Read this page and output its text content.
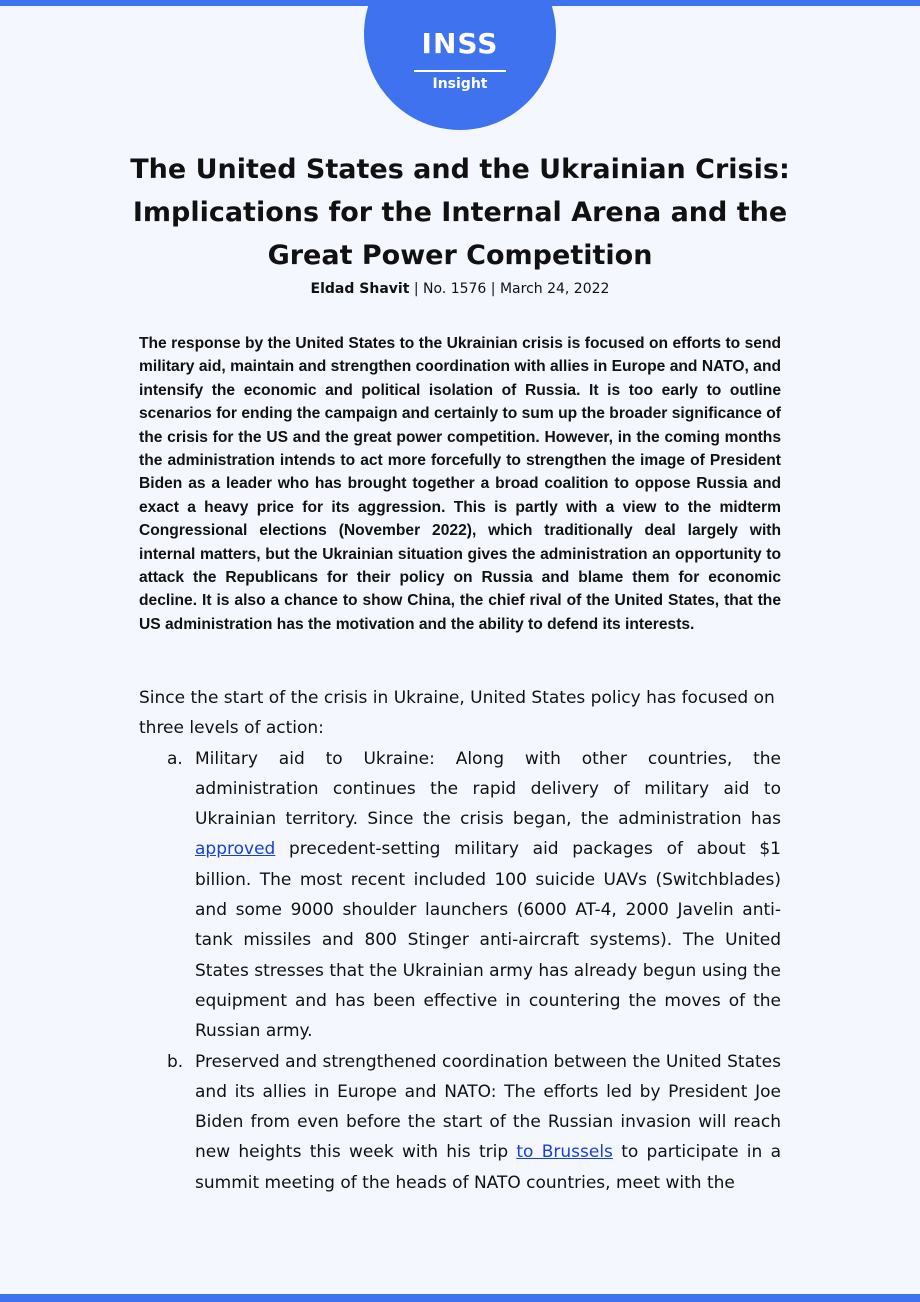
INSS
Insight
The United States and the Ukrainian Crisis: Implications for the Internal Arena and the Great Power Competition
Eldad Shavit | No. 1576 | March 24, 2022

The response by the United States to the Ukrainian crisis is focused on efforts to send military aid, maintain and strengthen coordination with allies in Europe and NATO, and intensify the economic and political isolation of Russia. It is too early to outline scenarios for ending the campaign and certainly to sum up the broader significance of the crisis for the US and the great power competition. However, in the coming months the administration intends to act more forcefully to strengthen the image of President Biden as a leader who has brought together a broad coalition to oppose Russia and exact a heavy price for its aggression. This is partly with a view to the midterm Congressional elections (November 2022), which traditionally deal largely with internal matters, but the Ukrainian situation gives the administration an opportunity to attack the Republicans for their policy on Russia and blame them for economic decline. It is also a chance to show China, the chief rival of the United States, that the US administration has the motivation and the ability to defend its interests.

Since the start of the crisis in Ukraine, United States policy has focused on three levels of action:

a. Military aid to Ukraine: Along with other countries, the administration continues the rapid delivery of military aid to Ukrainian territory. Since the crisis began, the administration has approved precedent-setting military aid packages of about $1 billion. The most recent included 100 suicide UAVs (Switchblades) and some 9000 shoulder launchers (6000 AT-4, 2000 Javelin anti-tank missiles and 800 Stinger anti-aircraft systems). The United States stresses that the Ukrainian army has already begun using the equipment and has been effective in countering the moves of the Russian army.
b. Preserved and strengthened coordination between the United States and its allies in Europe and NATO: The efforts led by President Joe Biden from even before the start of the Russian invasion will reach new heights this week with his trip to Brussels to participate in a summit meeting of the heads of NATO countries, meet with the
